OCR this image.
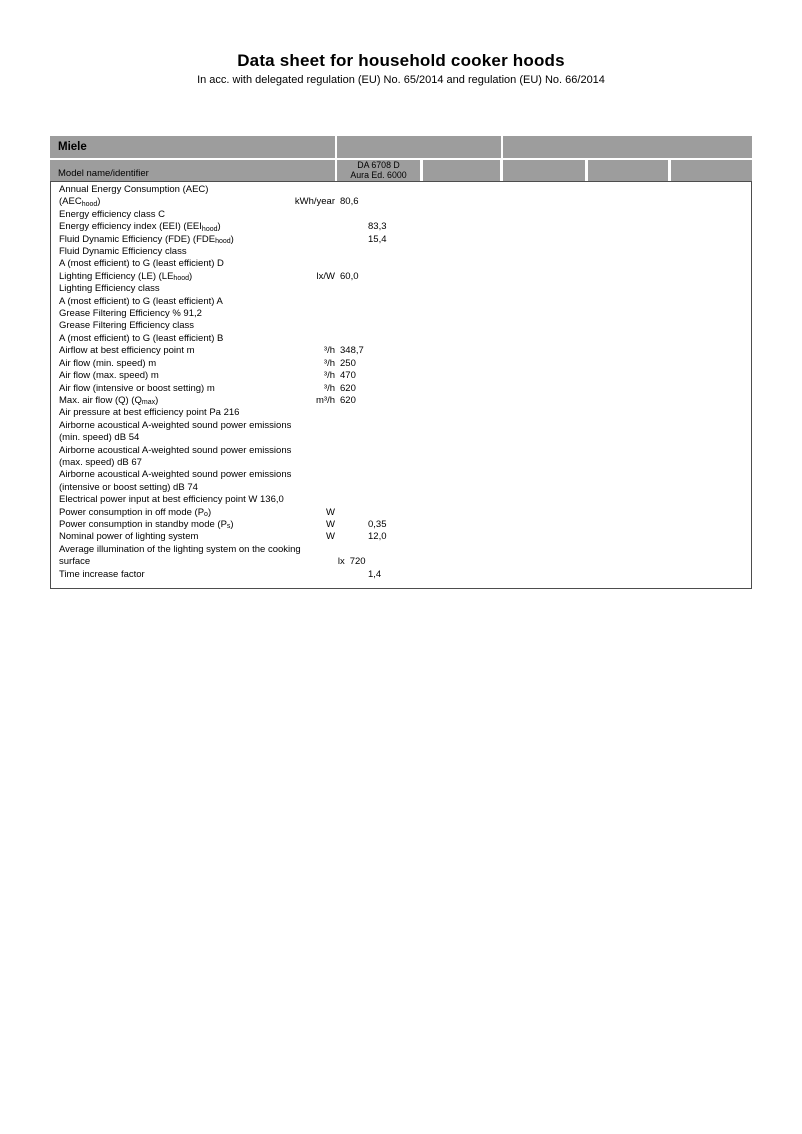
Data sheet for household cooker hoods
In acc. with delegated regulation (EU) No. 65/2014 and regulation (EU) No. 66/2014
Miele
Model name/identifier
DA 6708 D
Aura Ed. 6000
Annual Energy Consumption (AEC)
$(AEC_{hood})$	kWh/year 80,6
Energy efficiency class C
Energy efficiency index (EEI) $(EEI_{hood})$	83,3
Fluid Dynamic Efficiency (FDE) $(FDE_{hood})$	15,4
Fluid Dynamic Efficiency class
A (most efficient) to G (least efficient) D
Lighting Efficiency (LE) $(LE_{hood})$	lx/W 60,0
Lighting Efficiency class
A (most efficient) to G (least efficient) A
Grease Filtering Efficiency % 91,2
Grease Filtering Efficiency class
A (most efficient) to G (least efficient) B
Airflow at best efficiency point m	³/h 348,7
Air flow (min. speed) m	³/h 250
Air flow (max. speed) m	³/h 470
Air flow (intensive or boost setting) m	³/h 620
Max. air flow (Q) $(Q_{max})$	m³/h 620
Air pressure at best efficiency point Pa 216
Airborne acoustical A-weighted sound power emissions
(min. speed) dB 54
Airborne acoustical A-weighted sound power emissions
(max. speed) dB 67
Airborne acoustical A-weighted sound power emissions
(intensive or boost setting) dB 74
Electrical power input at best efficiency point W 136,0
Power consumption in off mode $(P_o)$	W
Power consumption in standby mode $(P_s)$	W	0,35
Nominal power of lighting system	W	12,0
Average illumination of the lighting system on the cooking
surface	lx 720
Time increase factor	1,4
